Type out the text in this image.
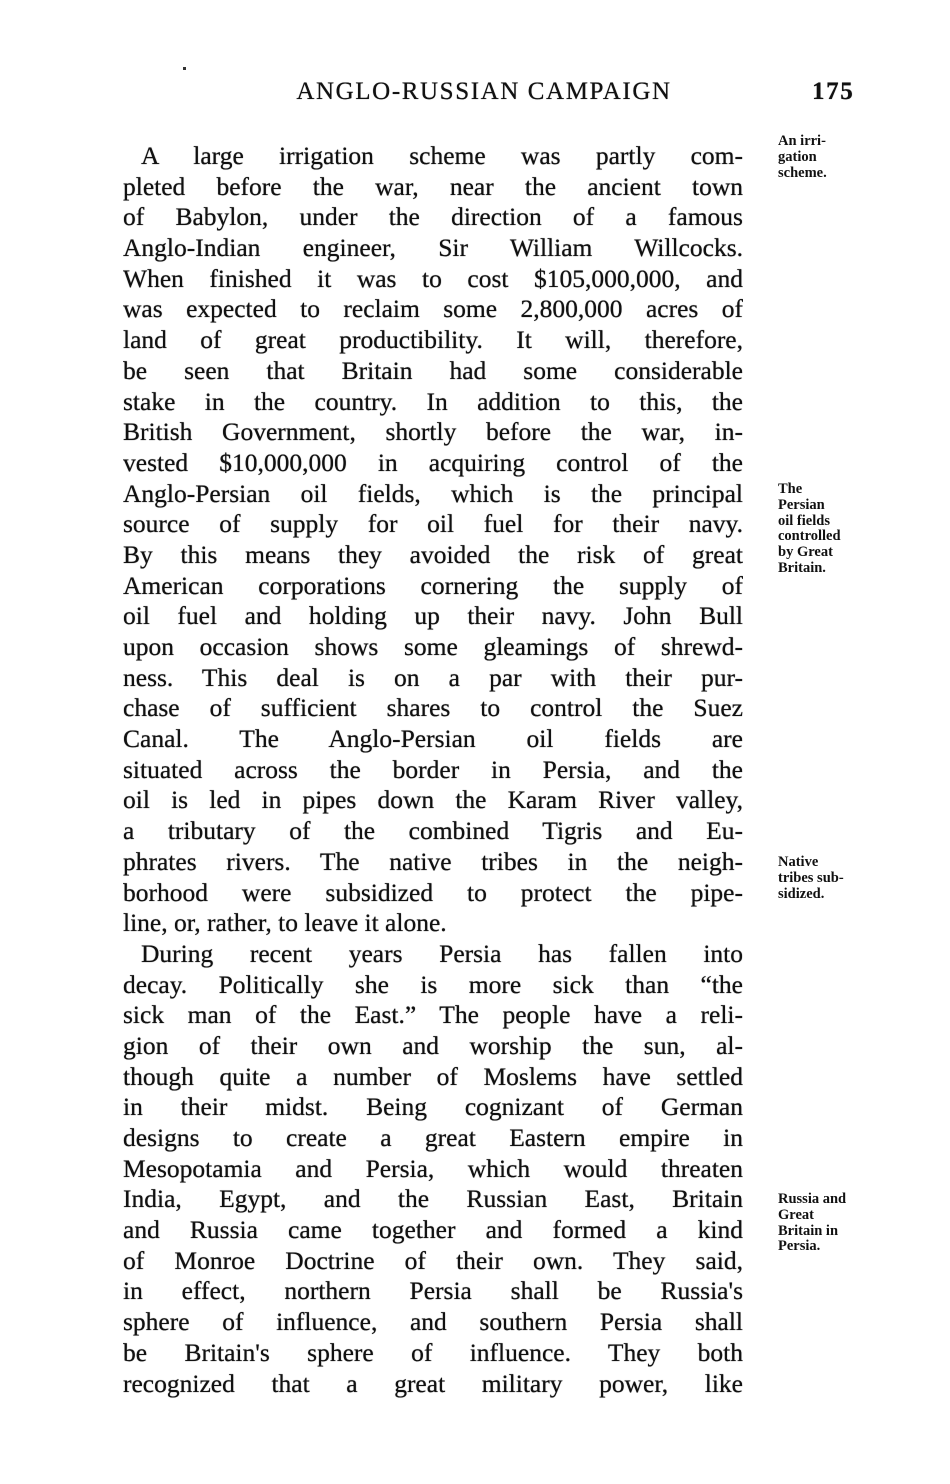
ANGLO-RUSSIAN CAMPAIGN	175
A large irrigation scheme was partly com-
pleted before the war, near the ancient town
of Babylon, under the direction of a famous
Anglo-Indian engineer, Sir William Willcocks.
When finished it was to cost $105,000,000, and
was expected to reclaim some 2,800,000 acres of
land of great productibility. It will, therefore,
be seen that Britain had some considerable
stake in the country. In addition to this, the
British Government, shortly before the war, in-
vested $10,000,000 in acquiring control of the
Anglo-Persian oil fields, which is the principal
source of supply for oil fuel for their navy.
By this means they avoided the risk of great
American corporations cornering the supply of
oil fuel and holding up their navy. John Bull
upon occasion shows some gleamings of shrewd-
ness. This deal is on a par with their pur-
chase of sufficient shares to control the Suez
Canal. The Anglo-Persian oil fields are
situated across the border in Persia, and the
oil is led in pipes down the Karam River valley,
a tributary of the combined Tigris and Eu-
phrates rivers. The native tribes in the neigh-
borhood were subsidized to protect the pipe-
line, or, rather, to leave it alone.
During recent years Persia has fallen into
decay. Politically she is more sick than “the
sick man of the East.” The people have a reli-
gion of their own and worship the sun, al-
though quite a number of Moslems have settled
in their midst. Being cognizant of German
designs to create a great Eastern empire in
Mesopotamia and Persia, which would threaten
India, Egypt, and the Russian East, Britain
and Russia came together and formed a kind
of Monroe Doctrine of their own. They said,
in effect, northern Persia shall be Russia's
sphere of influence, and southern Persia shall
be Britain's sphere of influence. They both
recognized that a great military power, like
An irri-
gation
scheme.
The
Persian
oil fields
controlled
by Great
Britain.
Native
tribes sub-
sidized.
Russia and
Great
Britain in
Persia.
